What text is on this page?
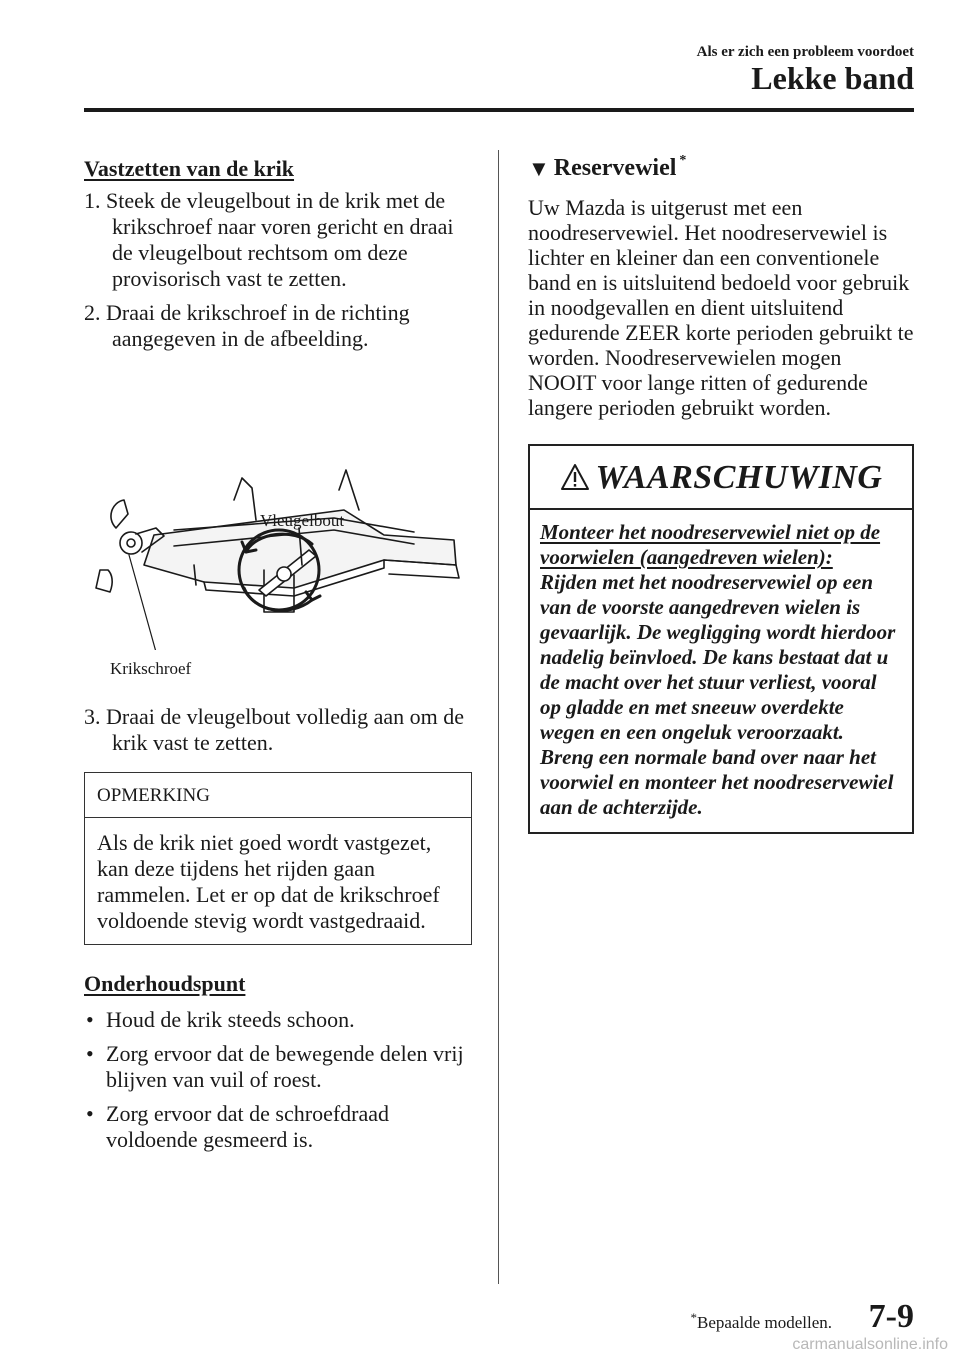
Als er zich een probleem voordoet
Lekke band
Vastzetten van de krik
1. Steek de vleugelbout in de krik met de krikschroef naar voren gericht en draai de vleugelbout rechtsom om deze provisorisch vast te zetten.
2. Draai de krikschroef in de richting aangegeven in de afbeelding.
Vleugelbout
Krikschroef
3. Draai de vleugelbout volledig aan om de krik vast te zetten.
OPMERKING
Als de krik niet goed wordt vastgezet, kan deze tijdens het rijden gaan rammelen. Let er op dat de krikschroef voldoende stevig wordt vastgedraaid.
Onderhoudspunt
• Houd de krik steeds schoon.
• Zorg ervoor dat de bewegende delen vrij blijven van vuil of roest.
• Zorg ervoor dat de schroefdraad voldoende gesmeerd is.
▼ Reservewiel *
Uw Mazda is uitgerust met een noodreservewiel. Het noodreservewiel is lichter en kleiner dan een conventionele band en is uitsluitend bedoeld voor gebruik in noodgevallen en dient uitsluitend gedurende ZEER korte perioden gebruikt te worden. Noodreservewielen mogen NOOIT voor lange ritten of gedurende langere perioden gebruikt worden.
WAARSCHUWING
Monteer het noodreservewiel niet op de voorwielen (aangedreven wielen):
Rijden met het noodreservewiel op een van de voorste aangedreven wielen is gevaarlijk. De wegligging wordt hierdoor nadelig beïnvloed. De kans bestaat dat u de macht over het stuur verliest, vooral op gladde en met sneeuw overdekte wegen en een ongeluk veroorzaakt. Breng een normale band over naar het voorwiel en monteer het noodreservewiel aan de achterzijde.
*Bepaalde modellen. 7-9
carmanualsonline.info
